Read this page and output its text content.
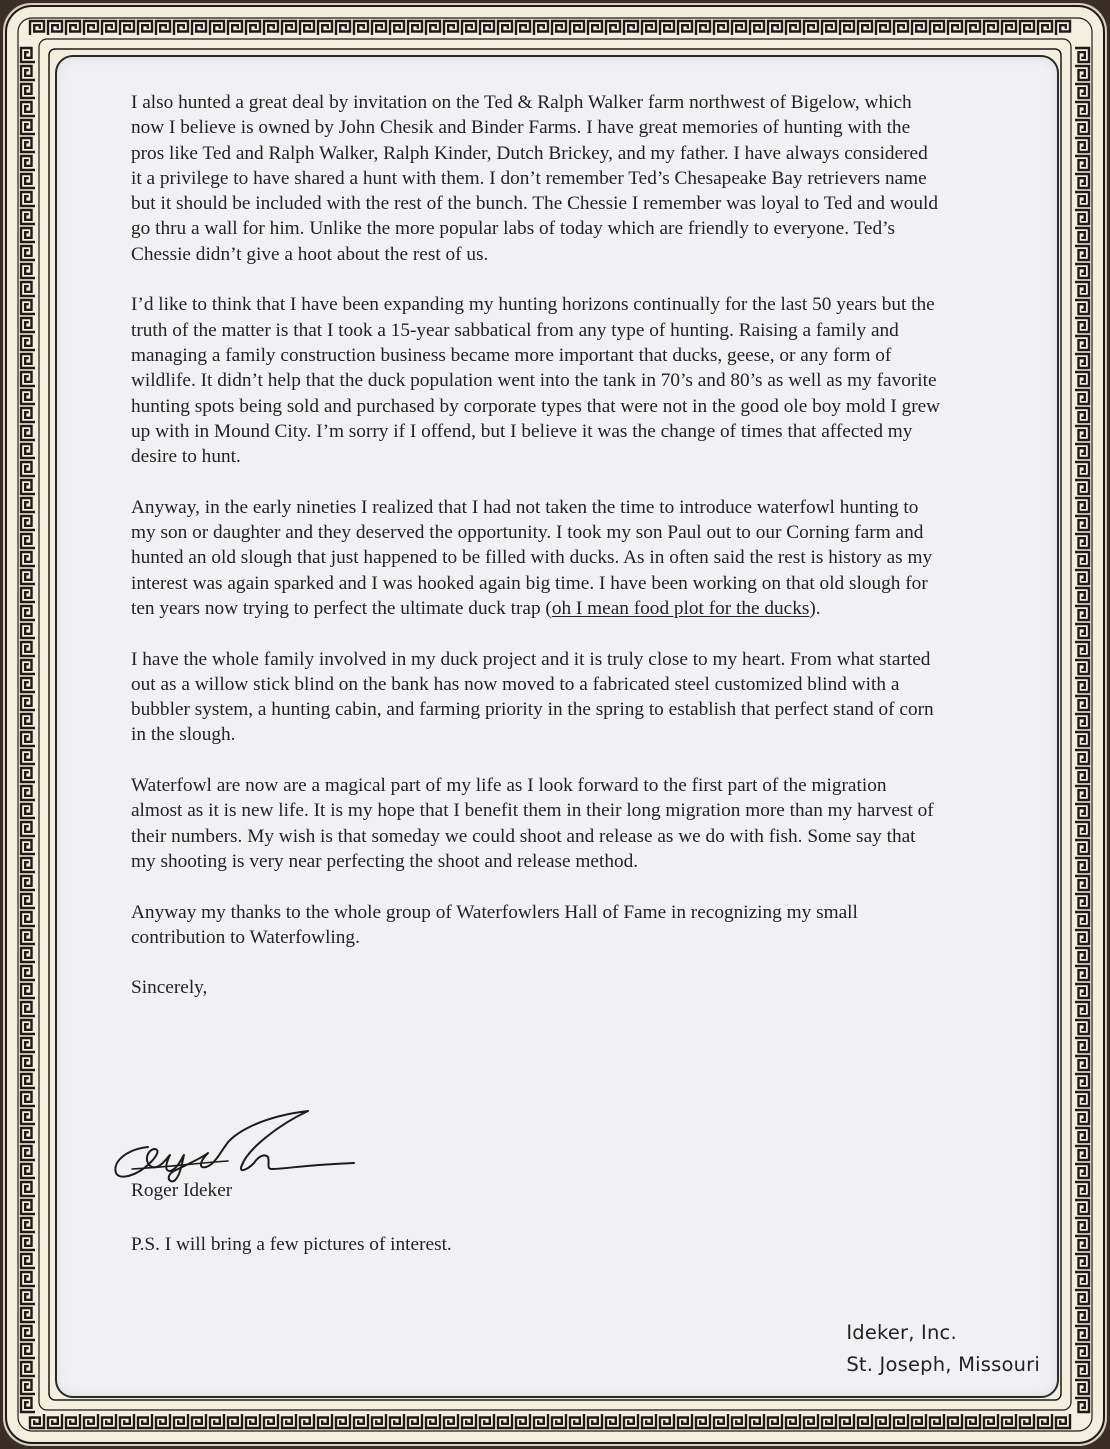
I also hunted a great deal by invitation on the Ted & Ralph Walker farm northwest of Bigelow, which now I believe is owned by John Chesik and Binder Farms. I have great memories of hunting with the pros like Ted and Ralph Walker, Ralph Kinder, Dutch Brickey, and my father. I have always considered it a privilege to have shared a hunt with them. I don’t remember Ted’s Chesapeake Bay retrievers name but it should be included with the rest of the bunch. The Chessie I remember was loyal to Ted and would go thru a wall for him. Unlike the more popular labs of today which are friendly to everyone. Ted’s Chessie didn’t give a hoot about the rest of us.

I’d like to think that I have been expanding my hunting horizons continually for the last 50 years but the truth of the matter is that I took a 15-year sabbatical from any type of hunting. Raising a family and managing a family construction business became more important that ducks, geese, or any form of wildlife. It didn’t help that the duck population went into the tank in 70’s and 80’s as well as my favorite hunting spots being sold and purchased by corporate types that were not in the good ole boy mold I grew up with in Mound City. I’m sorry if I offend, but I believe it was the change of times that affected my desire to hunt.

Anyway, in the early nineties I realized that I had not taken the time to introduce waterfowl hunting to my son or daughter and they deserved the opportunity. I took my son Paul out to our Corning farm and hunted an old slough that just happened to be filled with ducks. As in often said the rest is history as my interest was again sparked and I was hooked again big time. I have been working on that old slough for ten years now trying to perfect the ultimate duck trap (oh I mean food plot for the ducks).

I have the whole family involved in my duck project and it is truly close to my heart. From what started out as a willow stick blind on the bank has now moved to a fabricated steel customized blind with a bubbler system, a hunting cabin, and farming priority in the spring to establish that perfect stand of corn in the slough.

Waterfowl are now are a magical part of my life as I look forward to the first part of the migration almost as it is new life. It is my hope that I benefit them in their long migration more than my harvest of their numbers. My wish is that someday we could shoot and release as we do with fish. Some say that my shooting is very near perfecting the shoot and release method.

Anyway my thanks to the whole group of Waterfowlers Hall of Fame in recognizing my small contribution to Waterfowling.

Sincerely,

Roger Ideker
P.S. I will bring a few pictures of interest.
Ideker, Inc.
St. Joseph, Missouri
